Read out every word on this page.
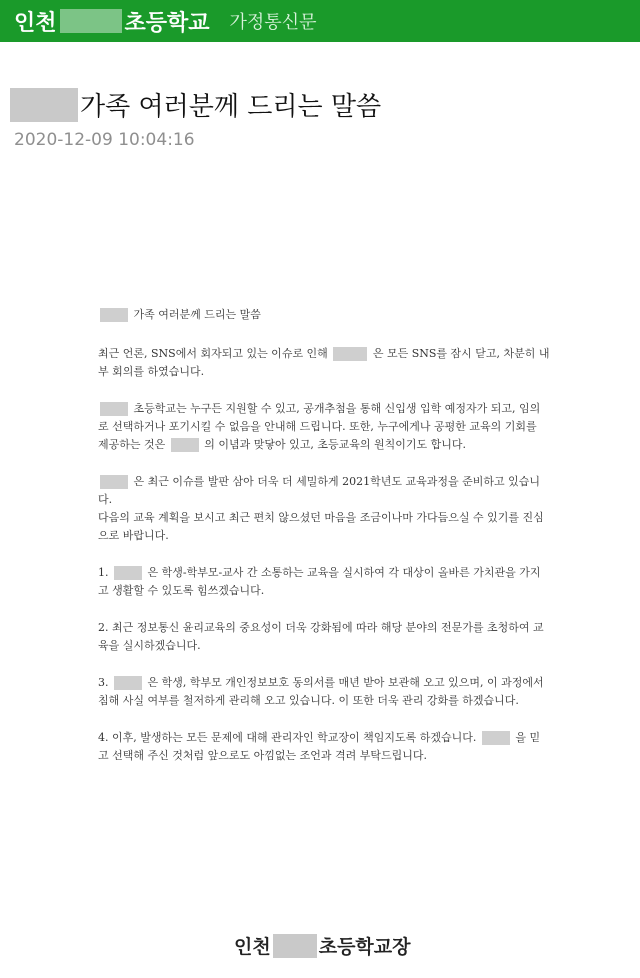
인천	초등학교 가정통신문
가족 여러분께 드리는 말씀
2020-12-09 10:04:16

가족 여러분께 드리는 말씀

최근 언론, SNS에서 회자되고 있는 이슈로 인해	은 모든 SNS를 잠시 닫고, 차분히 내부 회의를 하였습니다.

초등학교는 누구든 지원할 수 있고, 공개추첨을 통해 신입생 입학 예정자가 되고, 임의로 선택하거나 포기시킬 수 없음을 안내해 드립니다. 또한, 누구에게나 공평한 교육의 기회를 제공하는 것은	의 이념과 맞닿아 있고, 초등교육의 원칙이기도 합니다.

은 최근 이슈를 발판 삼아 더욱 더 세밀하게 2021학년도 교육과정을 준비하고 있습니다.
다음의 교육 계획을 보시고 최근 편치 않으셨던 마음을 조금이나마 가다듬으실 수 있기를 진심으로 바랍니다.

1.	은 학생-학부모-교사 간 소통하는 교육을 실시하여 각 대상이 올바른 가치관을 가지고 생활할 수 있도록 힘쓰겠습니다.

2. 최근 정보통신 윤리교육의 중요성이 더욱 강화됨에 따라 해당 분야의 전문가를 초청하여 교육을 실시하겠습니다.

3.	은 학생, 학부모 개인정보보호 동의서를 매년 받아 보관해 오고 있으며, 이 과정에서 침해 사실 여부를 철저하게 관리해 오고 있습니다. 이 또한 더욱 관리 강화를 하겠습니다.

4. 이후, 발생하는 모든 문제에 대해 관리자인 학교장이 책임지도록 하겠습니다.	을 믿고 선택해 주신 것처럼 앞으로도 아낌없는 조언과 격려 부탁드립니다.

인천	초등학교장
